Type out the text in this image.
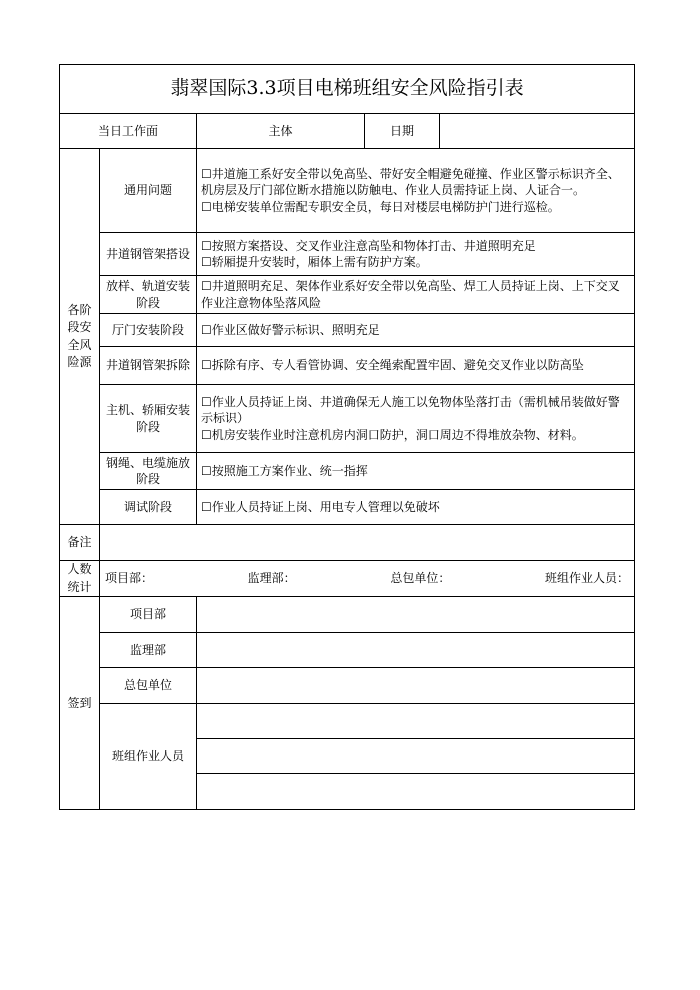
翡翠国际3.3项目电梯班组安全风险指引表				
当日工作面		主体	日期	
各阶段安全风险源	通用问题	☐井道施工系好安全带以免高坠、带好安全帽避免碰撞、作业区警示标识齐全、机房层及厅门部位断水措施以防触电、作业人员需持证上岗、人证合一。

☐电梯安装单位需配专职安全员，每日对楼层电梯防护门进行巡检。		

	井道钢管架搭设	☐按照方案搭设、交叉作业注意高坠和物体打击、井道照明充足

☐轿厢提升安装时，厢体上需有防护方案。		

	放样、轨道安装阶段	☐井道照明充足、架体作业系好安全带以免高坠、焊工人员持证上岗、上下交叉作业注意物体坠落风险		

	厅门安装阶段	☐作业区做好警示标识、照明充足		

	井道钢管架拆除	☐拆除有序、专人看管协调、安全绳索配置牢固、避免交叉作业以防高坠		

	主机、轿厢安装阶段	☐作业人员持证上岗、井道确保无人施工以免物体坠落打击（需机械吊装做好警示标识）

☐机房安装作业时注意机房内洞口防护，洞口周边不得堆放杂物、材料。		

	钢绳、电缆施放阶段	☐按照施工方案作业、统一指挥		

	调试阶段	☐作业人员持证上岗、用电专人管理以免破坏		

备注				
人数统计	项目部： 监理部： 总包单位： 班组作业人员：			

签到	项目部			
	监理部			
	总包单位			
	班组作业人员			
